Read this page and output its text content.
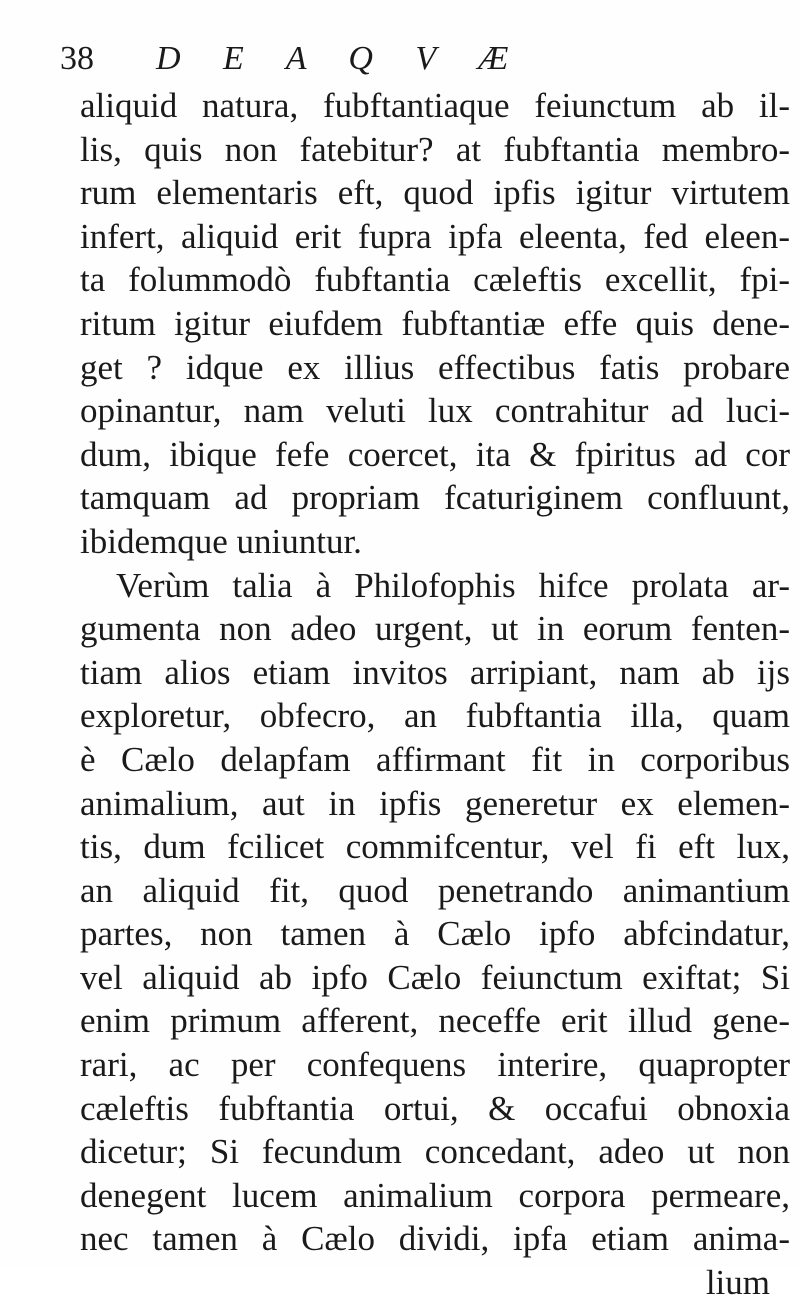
38 D E A Q V Æ
aliquid natura, fubftantiaque feiunctum ab il-
lis, quis non fatebitur? at fubftantia membro-
rum elementaris eft, quod ipfis igitur virtutem
infert, aliquid erit fupra ipfa eleenta, fed eleen-
ta folummodò fubftantia cæleftis excellit, fpi-
ritum igitur eiufdem fubftantiæ effe quis dene-
get ? idque ex illius effectibus fatis probare
opinantur, nam veluti lux contrahitur ad luci-
dum, ibique fefe coercet, ita & fpiritus ad cor
tamquam ad propriam fcaturiginem confluunt,
ibidemque uniuntur.
Verùm talia à Philofophis hifce prolata ar-
gumenta non adeo urgent, ut in eorum fenten-
tiam alios etiam invitos arripiant, nam ab ijs
exploretur, obfecro, an fubftantia illa, quam
è Cælo delapfam affirmant fit in corporibus
animalium, aut in ipfis generetur ex elemen-
tis, dum fcilicet commifcentur, vel fi eft lux,
an aliquid fit, quod penetrando animantium
partes, non tamen à Cælo ipfo abfcindatur,
vel aliquid ab ipfo Cælo feiunctum exiftat; Si
enim primum afferent, neceffe erit illud gene-
rari, ac per confequens interire, quapropter
cæleftis fubftantia ortui, & occafui obnoxia
dicetur; Si fecundum concedant, adeo ut non
denegent lucem animalium corpora permeare,
nec tamen à Cælo dividi, ipfa etiam anima-
lium
